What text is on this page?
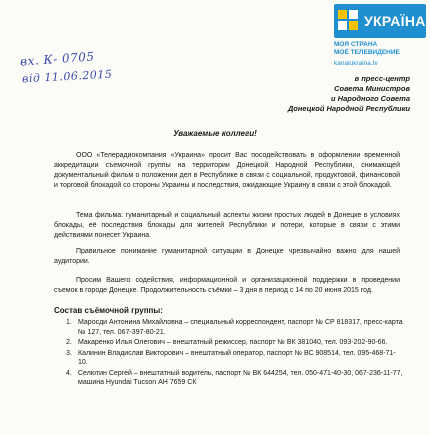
вх. К- 0705
від 11.06.2015
УКРАЇНА
МОЯ СТРАНА
МОЁ ТЕЛЕВИДЕНИЕ
kanalukraina.tv
в пресс-центр
Совета Министров
и Народного Совета
Донецкой Народной Республики
Уважаемые коллеги!
ООО «Телерадиокомпания «Украина» просит Вас посодействовать в оформлении временной аккредитации съемочной группы на территории Донецкой Народной Республики, снимающей документальный фильм о положении дел в Республике в связи с социальной, продуктовой, финансовой и торговой блокадой со стороны Украины и последствия, ожидающие Украину в связи с этой блокадой.
Тема фильма: гуманитарный и социальный аспекты жизни простых людей в Донецке в условиях блокады, её последствия блокады для жителей Республики и потери, которые в связи с этими действиями понесет Украина.
Правильное понимание гуманитарной ситуации в Донецке чрезвычайно важно для нашей аудитории.
Просим Вашего содействия, информационной и организационной поддержки в проведении съемок в городе Донецке. Продолжительность съёмки – 3 дня в период с 14 по 20 июня 2015 год.
Состав съёмочной группы:
1. Мароcди Антонина Михайловна – специальный корреспондент, паспорт № СР 818317, пресс-карта № 127, тел. 067-397-80-21.
2. Макаренко Илья Олегович – внештатный режиссер, паспорт № ВК 381040, тел. 093-202-90-66.
3. Калинин Владислав Викторович – внештатный оператор, паспорт № ВС 908514, тел. 095-468-71-10.
4. Селютин Сергей – внештатный водитель, паспорт № ВК 644254, тел. 050-471-40-30, 067-236-11-77, машина Hyundai Tucson АН 7659 СК
